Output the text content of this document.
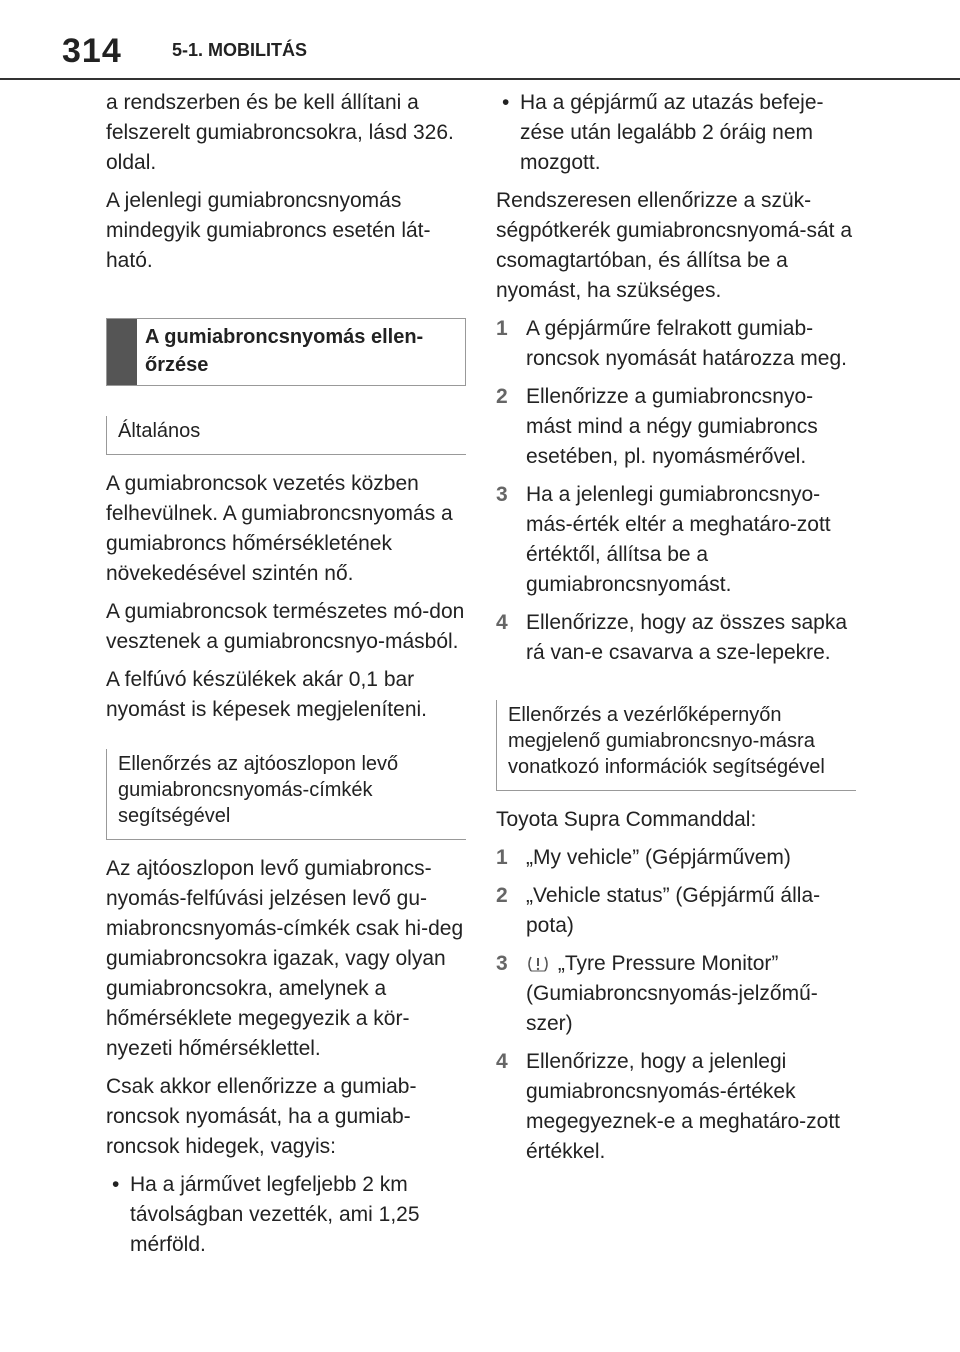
314	5-1. MOBILITÁS

a rendszerben és be kell állítani a felszerelt gumiabroncsokra, lásd 326. oldal.

A jelenlegi gumiabroncsnyomás mindegyik gumiabroncs esetén lát-ható.

A gumiabroncsnyomás ellen-őrzése
Általános

A gumiabroncsok vezetés közben felhevülnek. A gumiabroncsnyomás a gumiabroncs hőmérsékletének növekedésével szintén nő.

A gumiabroncsok természetes mó-don vesztenek a gumiabroncsnyo-másból.

A felfúvó készülékek akár 0,1 bar nyomást is képesek megjeleníteni.

Ellenőrzés az ajtóoszlopon levő gumiabroncsnyomás-címkék segítségével

Az ajtóoszlopon levő gumiabroncs-nyomás-felfúvási jelzésen levő gu-miabroncsnyomás-címkék csak hi-deg gumiabroncsokra igazak, vagy olyan gumiabroncsokra, amelynek a hőmérséklete megegyezik a kör-nyezeti hőmérséklettel.

Csak akkor ellenőrizze a gumiab-roncsok nyomását, ha a gumiab-roncsok hidegek, vagyis:

• Ha a járművet legfeljebb 2 km távolságban vezették, ami 1,25 mérföld.
• Ha a gépjármű az utazás befeje-zése után legalább 2 óráig nem mozgott.

Rendszeresen ellenőrizze a szük-ségpótkerék gumiabroncsnyomá-sát a csomagtartóban, és állítsa be a nyomást, ha szükséges.

1 A gépjárműre felrakott gumiab-roncsok nyomását határozza meg.
2 Ellenőrizze a gumiabroncsnyo-mást mind a négy gumiabroncs esetében, pl. nyomásmérővel.
3 Ha a jelenlegi gumiabroncsnyo-más-érték eltér a meghatáro-zott értéktől, állítsa be a gumiabroncsnyomást.
4 Ellenőrizze, hogy az összes sapka rá van-e csavarva a sze-lepekre.
Ellenőrzés a vezérlőképernyőn megjelenő gumiabroncsnyo-másra vonatkozó információk segítségével

Toyota Supra Commanddal:

1 „My vehicle” (Gépjárművem)
2 „Vehicle status” (Gépjármű álla-pota)
3 „Tyre Pressure Monitor” (Gumiabroncsnyomás-jelzőmű-szer)
4 Ellenőrizze, hogy a jelenlegi gumiabroncsnyomás-értékek megegyeznek-e a meghatáro-zott értékkel.
